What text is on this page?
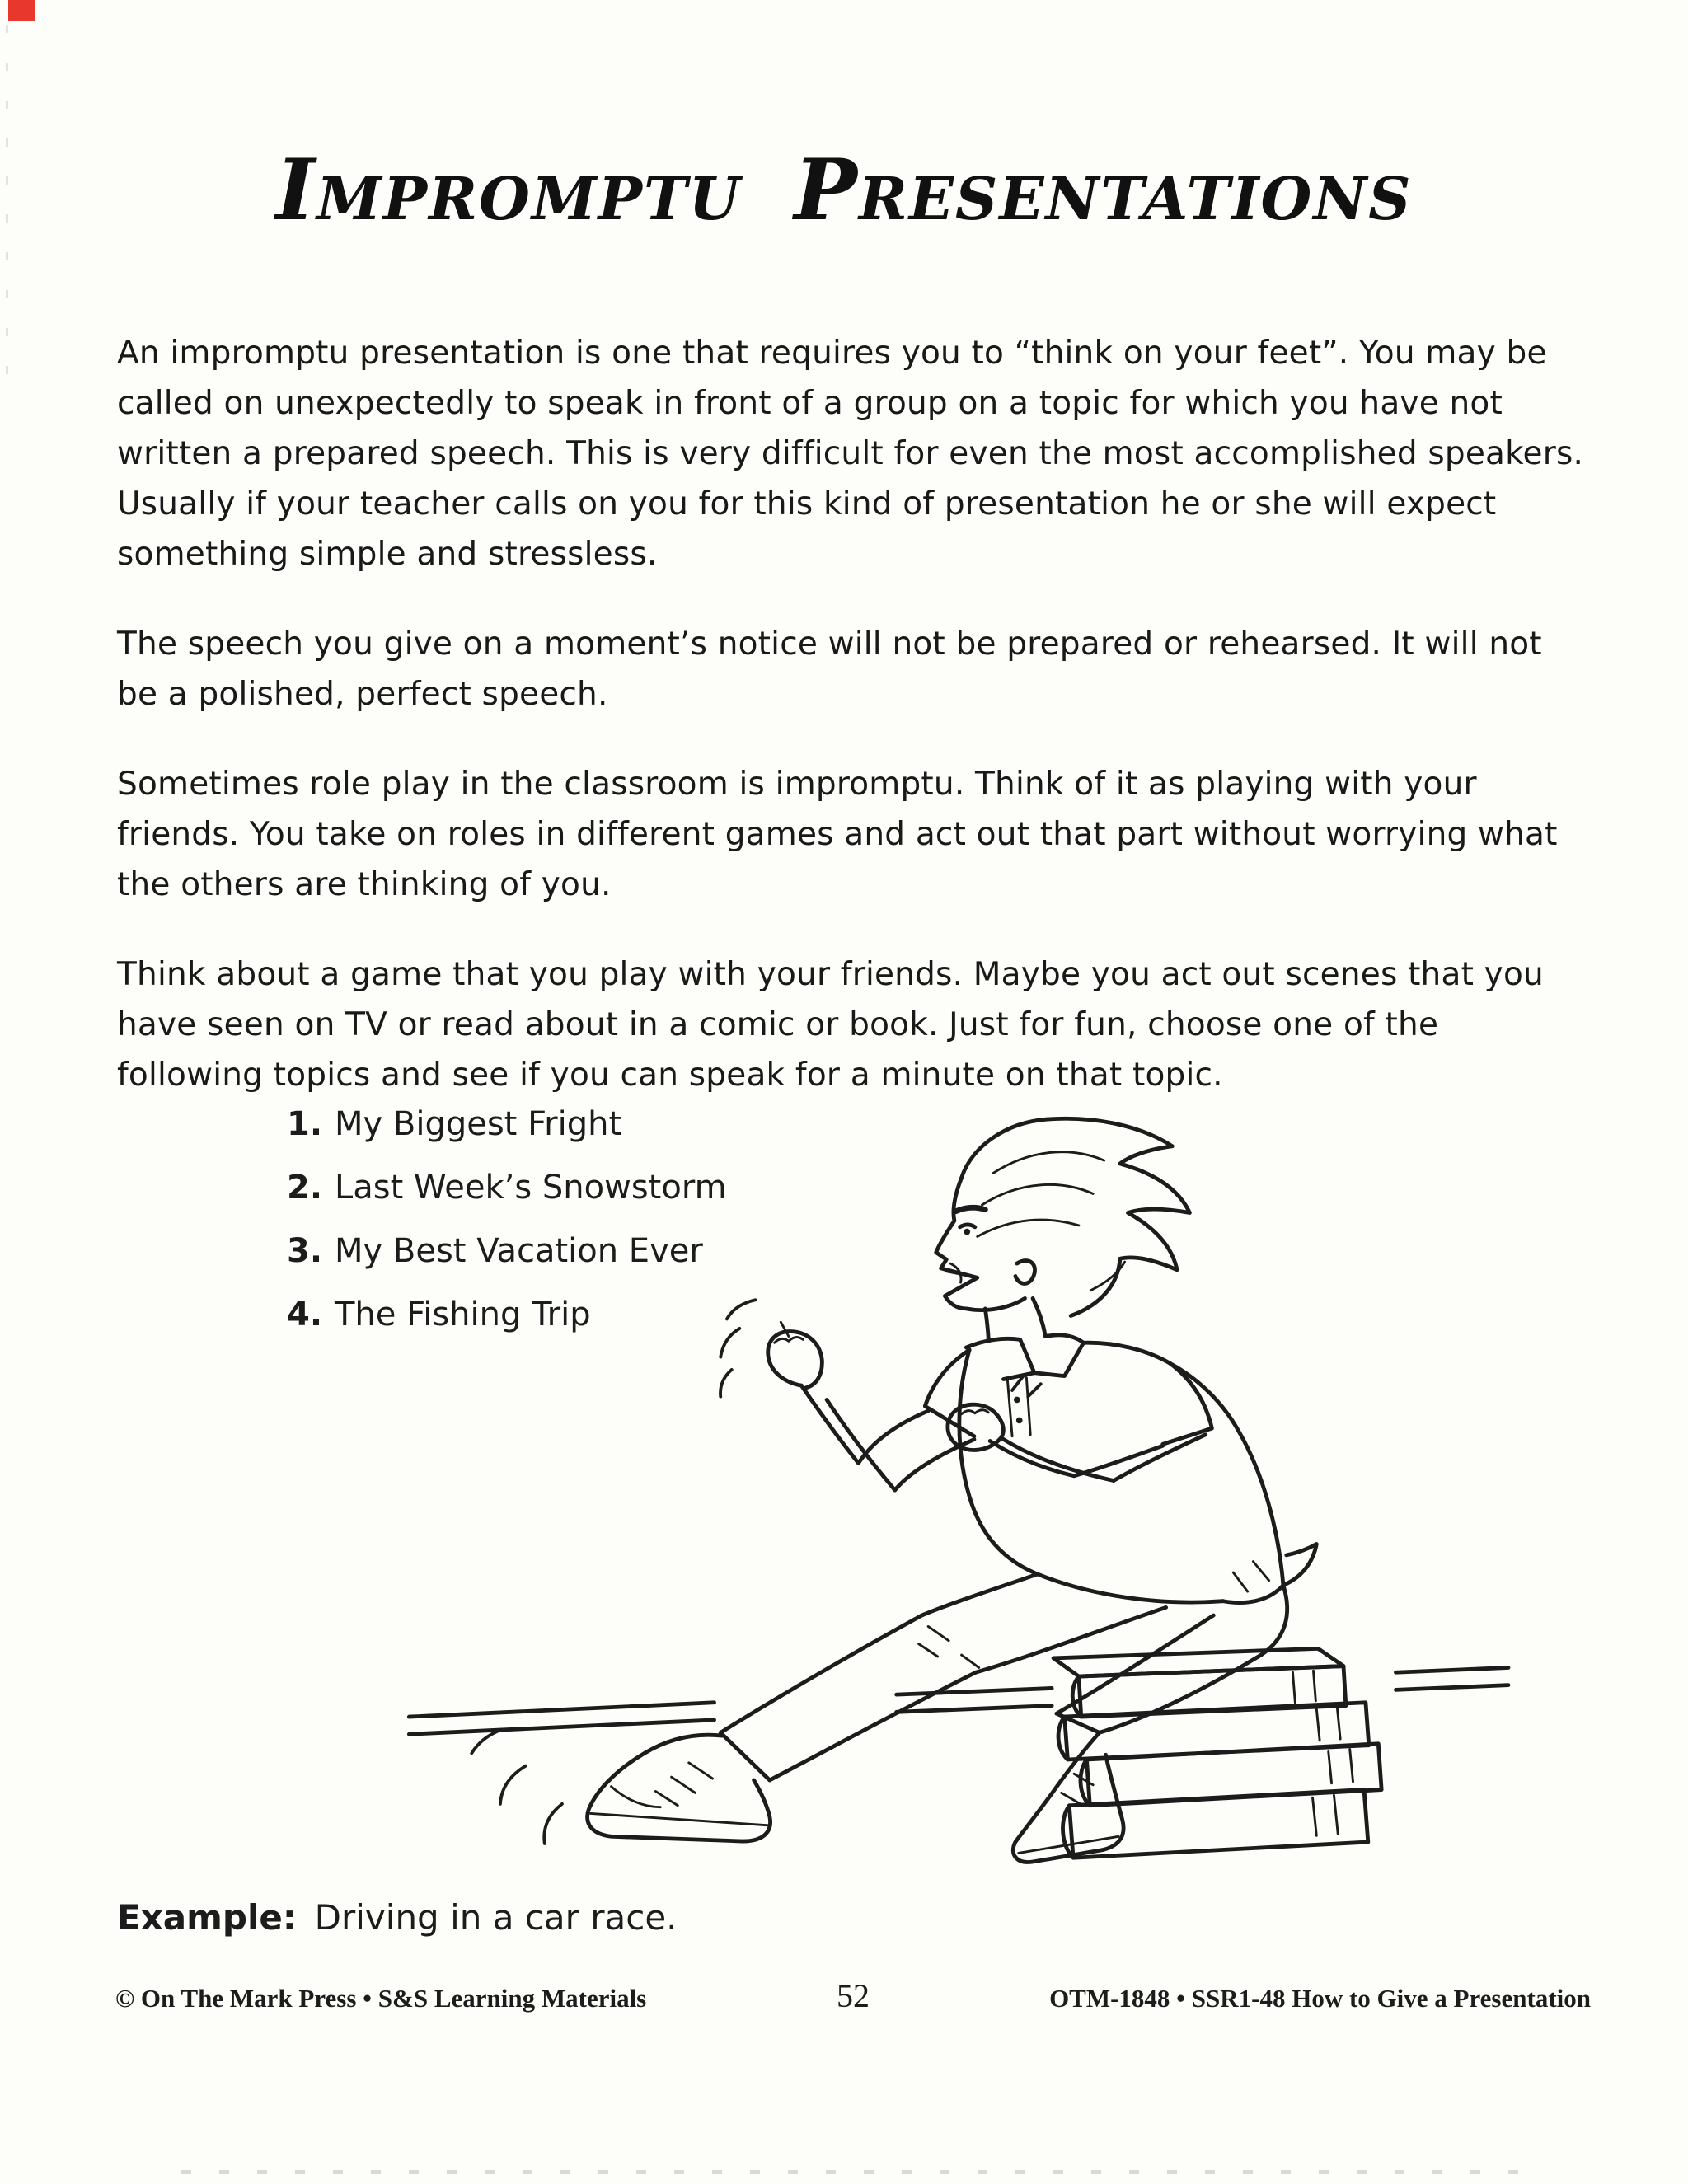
Impromptu Presentations

An impromptu presentation is one that requires you to “think on your feet”. You may be called on unexpectedly to speak in front of a group on a topic for which you have not written a prepared speech. This is very difficult for even the most accomplished speakers. Usually if your teacher calls on you for this kind of presentation he or she will expect something simple and stressless.

The speech you give on a moment’s notice will not be prepared or rehearsed. It will not be a polished, perfect speech.

Sometimes role play in the classroom is impromptu. Think of it as playing with your friends. You take on roles in different games and act out that part without worrying what the others are thinking of you.

Think about a game that you play with your friends. Maybe you act out scenes that you have seen on TV or read about in a comic or book. Just for fun, choose one of the following topics and see if you can speak for a minute on that topic.

1. My Biggest Fright
2. Last Week’s Snowstorm
3. My Best Vacation Ever
4. The Fishing Trip
Example: Driving in a car race.
© On The Mark Press • S&S Learning Materials	52	OTM-1848 • SSR1-48 How to Give a Presentation
